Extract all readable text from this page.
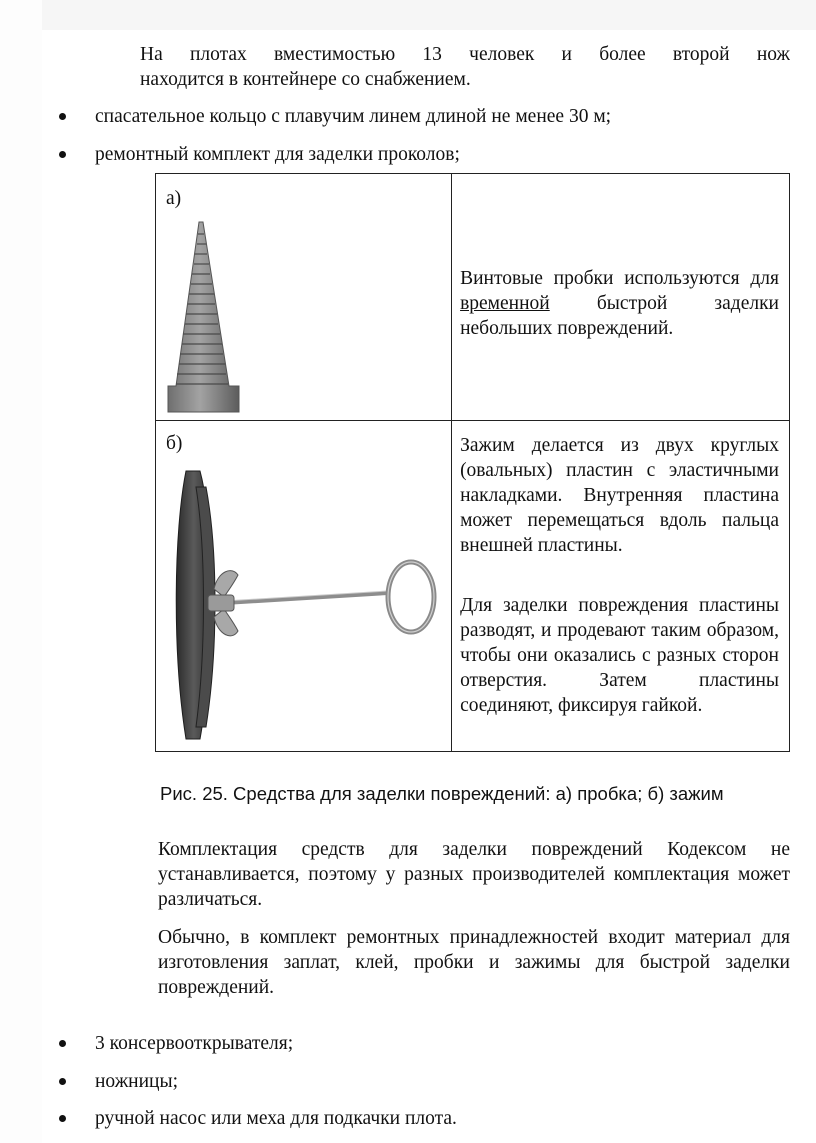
На плотах вместимостью 13 человек и более второй нож
находится в контейнере со снабжением.
спасательное кольцо с плавучим линем длиной не менее 30 м;
ремонтный комплект для заделки проколов;
а)	Винтовые пробки используются для временной быстрой заделки небольших повреждений.

б)	Зажим делается из двух круглых (овальных) пластин с эластичными накладками. Внутренняя пластина может перемещаться вдоль пальца внешней пластины.
Для заделки повреждения пластины разводят, и продевают таким образом, чтобы они оказались с разных сторон отверстия. Затем пластины соединяют, фиксируя гайкой.
Рис. 25. Средства для заделки повреждений: а) пробка; б) зажим
Комплектация средств для заделки повреждений Кодексом не устанавливается, поэтому у разных производителей комплектация может различаться.
Обычно, в комплект ремонтных принадлежностей входит материал для изготовления заплат, клей, пробки и зажимы для быстрой заделки повреждений.
3 консервооткрывателя;
ножницы;
ручной насос или меха для подкачки плота.
